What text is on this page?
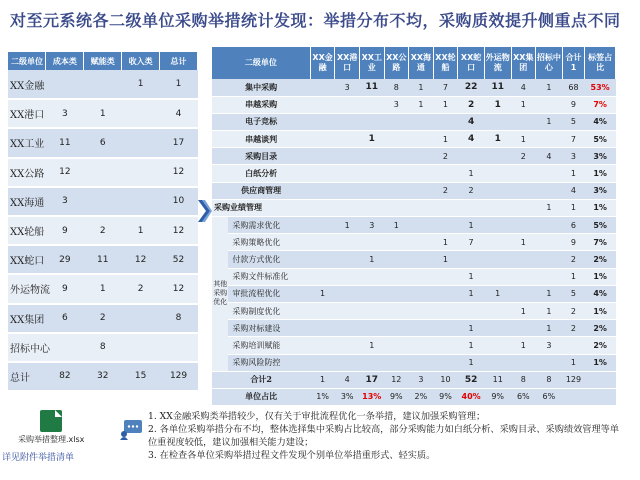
对至元系统各二级单位采购举措统计发现：举措分布不均，采购质效提升侧重点不同
二级单位	成本类	赋能类	收入类	总计
XX金融			1	1
XX港口	3	1		4
XX工业	11	6		17
XX公路	12			12
XX海通	3			10
XX轮船	9	2	1	12
XX蛇口	29	11	12	52
外运物流	9	1	2	12
XX集团	6	2		8
招标中心		8		
总计	82	32	15	129
二级单位		XX金融	XX港口	XX工业	XX公路	XX海通	XX轮船	XX蛇口	外运物流	XX集团	招标中心	合计1	标签占比
集中采购			3	11	8	1	7	22	11	4	1	68	53%
串越采购					3	1	1	2	1	1		9	7%
电子竞标								4			1	5	4%
串越谈判				1			1	4	1	1		7	5%
采购目录							2			2	4	3	3%
白纸分析								1				1	1%
供应商管理							2	2				4	3%
采购业绩管理											1	1	1%
其他采购优化	采购需求优化		1	3	1			1				6	5%
	采购策略优化						1	7		1		9	7%
	付款方式优化			1			1					2	2%
	采购文件标准化							1				1	1%
	审批流程优化	1						1	1		1	5	4%
	采购制度优化									1	1	2	1%
	采购对标建设							1			1	2	2%
	采购培训赋能			1				1		1	3		2%
	采购风险防控							1				1	1%
合计2		1	4	17	12	3	10	52	11	8	8	129	
单位占比		1%	3%	13%	9%	2%	9%	40%	9%	6%	6%		
采购举措整理.xlsx
详见附件举措清单
1. XX金融采购类举措较少，仅有关于审批流程优化一条举措，建议加强采购管理；
2. 各单位采购举措分布不均，整体选择集中采购占比较高，部分采购能力如白纸分析、采购目录、采购绩效管理等单位重视度较低，建议加强相关能力建设；
3. 在检查各单位采购举措过程文件发现个别单位举措重形式、轻实质。
